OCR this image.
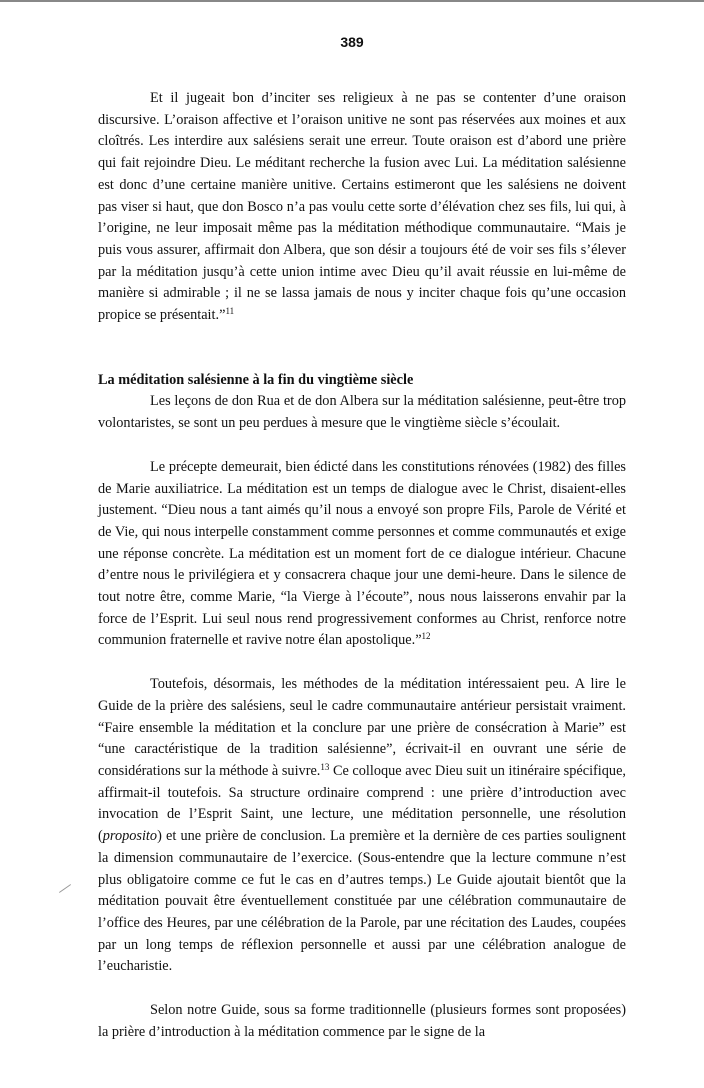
389

Et il jugeait bon d’inciter ses religieux à ne pas se contenter d’une oraison discursive. L’oraison affective et l’oraison unitive ne sont pas réservées aux moines et aux cloîtrés. Les interdire aux salésiens serait une erreur. Toute oraison est d’abord une prière qui fait rejoindre Dieu. Le méditant recherche la fusion avec Lui. La méditation salésienne est donc d’une certaine manière unitive. Certains estimeront que les salésiens ne doivent pas viser si haut, que don Bosco n’a pas voulu cette sorte d’élévation chez ses fils, lui qui, à l’origine, ne leur imposait même pas la méditation méthodique communautaire. “Mais je puis vous assurer, affirmait don Albera, que son désir a toujours été de voir ses fils s’élever par la méditation jusqu’à cette union intime avec Dieu qu’il avait réussie en lui-même de manière si admirable ; il ne se lassa jamais de nous y inciter chaque fois qu’une occasion propice se présentait.”$^{11}$

La méditation salésienne à la fin du vingtième siècle

Les leçons de don Rua et de don Albera sur la méditation salésienne, peut-être trop volontaristes, se sont un peu perdues à mesure que le vingtième siècle s’écoulait.

Le précepte demeurait, bien édicté dans les constitutions rénovées (1982) des filles de Marie auxiliatrice. La méditation est un temps de dialogue avec le Christ, disaient-elles justement. “Dieu nous a tant aimés qu’il nous a envoyé son propre Fils, Parole de Vérité et de Vie, qui nous interpelle constamment comme personnes et comme communautés et exige une réponse concrète. La méditation est un moment fort de ce dialogue intérieur. Chacune d’entre nous le privilégiera et y consacrera chaque jour une demi-heure. Dans le silence de tout notre être, comme Marie, “la Vierge à l’écoute”, nous nous laisserons envahir par la force de l’Esprit. Lui seul nous rend progressivement conformes au Christ, renforce notre communion fraternelle et ravive notre élan apostolique.”$^{12}$

Toutefois, désormais, les méthodes de la méditation intéressaient peu. A lire le Guide de la prière des salésiens, seul le cadre communautaire antérieur persistait vraiment. “Faire ensemble la méditation et la conclure par une prière de consécration à Marie” est “une caractéristique de la tradition salésienne”, écrivait-il en ouvrant une série de considérations sur la méthode à suivre.$^{13}$ Ce colloque avec Dieu suit un itinéraire spécifique, affirmait-il toutefois. Sa structure ordinaire comprend : une prière d’introduction avec invocation de l’Esprit Saint, une lecture, une méditation personnelle, une résolution (proposito) et une prière de conclusion. La première et la dernière de ces parties soulignent la dimension communautaire de l’exercice. (Sous-entendre que la lecture commune n’est plus obligatoire comme ce fut le cas en d’autres temps.) Le Guide ajoutait bientôt que la méditation pouvait être éventuellement constituée par une célébration communautaire de l’office des Heures, par une célébration de la Parole, par une récitation des Laudes, coupées par un long temps de réflexion personnelle et aussi par une célébration analogue de l’eucharistie.

Selon notre Guide, sous sa forme traditionnelle (plusieurs formes sont proposées) la prière d’introduction à la méditation commence par le signe de la
